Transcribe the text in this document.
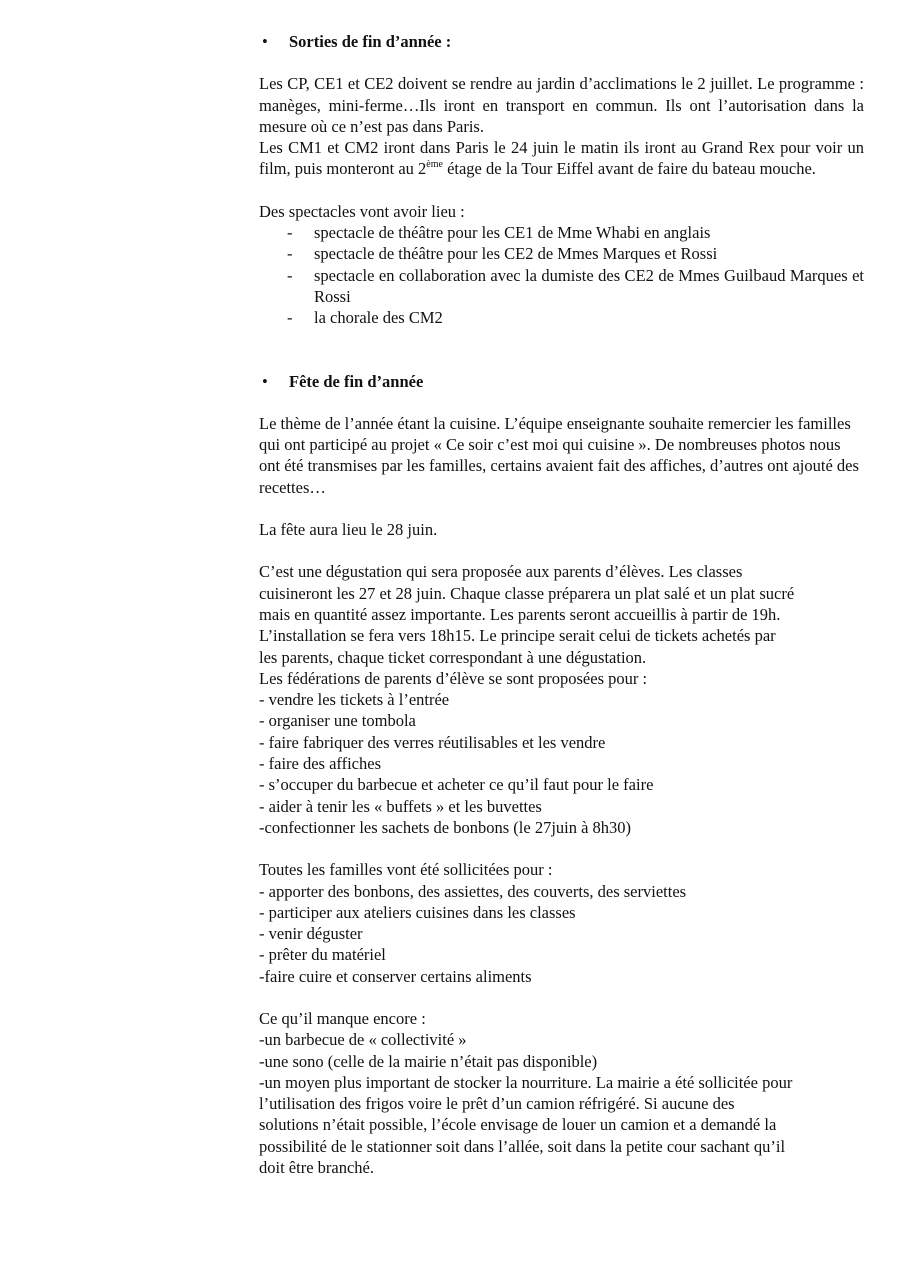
• Sorties de fin d’année :

Les CP, CE1 et CE2 doivent se rendre au jardin d’acclimations le 2 juillet. Le programme : manèges, mini-ferme…Ils iront en transport en commun. Ils ont l’autorisation dans la mesure où ce n’est pas dans Paris.

Les CM1 et CM2 iront dans Paris le 24 juin le matin ils iront au Grand Rex pour voir un film, puis monteront au 2ème étage de la Tour Eiffel avant de faire du bateau mouche.

Des spectacles vont avoir lieu :

- spectacle de théâtre pour les CE1 de Mme Whabi en anglais
- spectacle de théâtre pour les CE2 de Mmes Marques et Rossi
- spectacle en collaboration avec la dumiste des CE2 de Mmes Guilbaud Marques et Rossi
- la chorale des CM2
• Fête de fin d’année

Le thème de l’année étant la cuisine. L’équipe enseignante souhaite remercier les familles qui ont participé au projet « Ce soir c’est moi qui cuisine ». De nombreuses photos nous ont été transmises par les familles, certains avaient fait des affiches, d’autres ont ajouté des recettes…

La fête aura lieu le 28 juin.

C’est une dégustation qui sera proposée aux parents d’élèves. Les classes
cuisineront les 27 et 28 juin. Chaque classe préparera un plat salé et un plat sucré
mais en quantité assez importante. Les parents seront accueillis à partir de 19h.
L’installation se fera vers 18h15. Le principe serait celui de tickets achetés par
les parents, chaque ticket correspondant à une dégustation.
Les fédérations de parents d’élève se sont proposées pour :
- vendre les tickets à l’entrée
- organiser une tombola
- faire fabriquer des verres réutilisables et les vendre
- faire des affiches
- s’occuper du barbecue et acheter ce qu’il faut pour le faire
- aider à tenir les « buffets » et les buvettes
-confectionner les sachets de bonbons (le 27juin à 8h30)
Toutes les familles vont été sollicitées pour :
- apporter des bonbons, des assiettes, des couverts, des serviettes
- participer aux ateliers cuisines dans les classes
- venir déguster
- prêter du matériel
-faire cuire et conserver certains aliments
Ce qu’il manque encore :
-un barbecue de « collectivité »
-une sono (celle de la mairie n’était pas disponible)
-un moyen plus important de stocker la nourriture. La mairie a été sollicitée pour
l’utilisation des frigos voire le prêt d’un camion réfrigéré. Si aucune des
solutions n’était possible, l’école envisage de louer un camion et a demandé la
possibilité de le stationner soit dans l’allée, soit dans la petite cour sachant qu’il
doit être branché.
